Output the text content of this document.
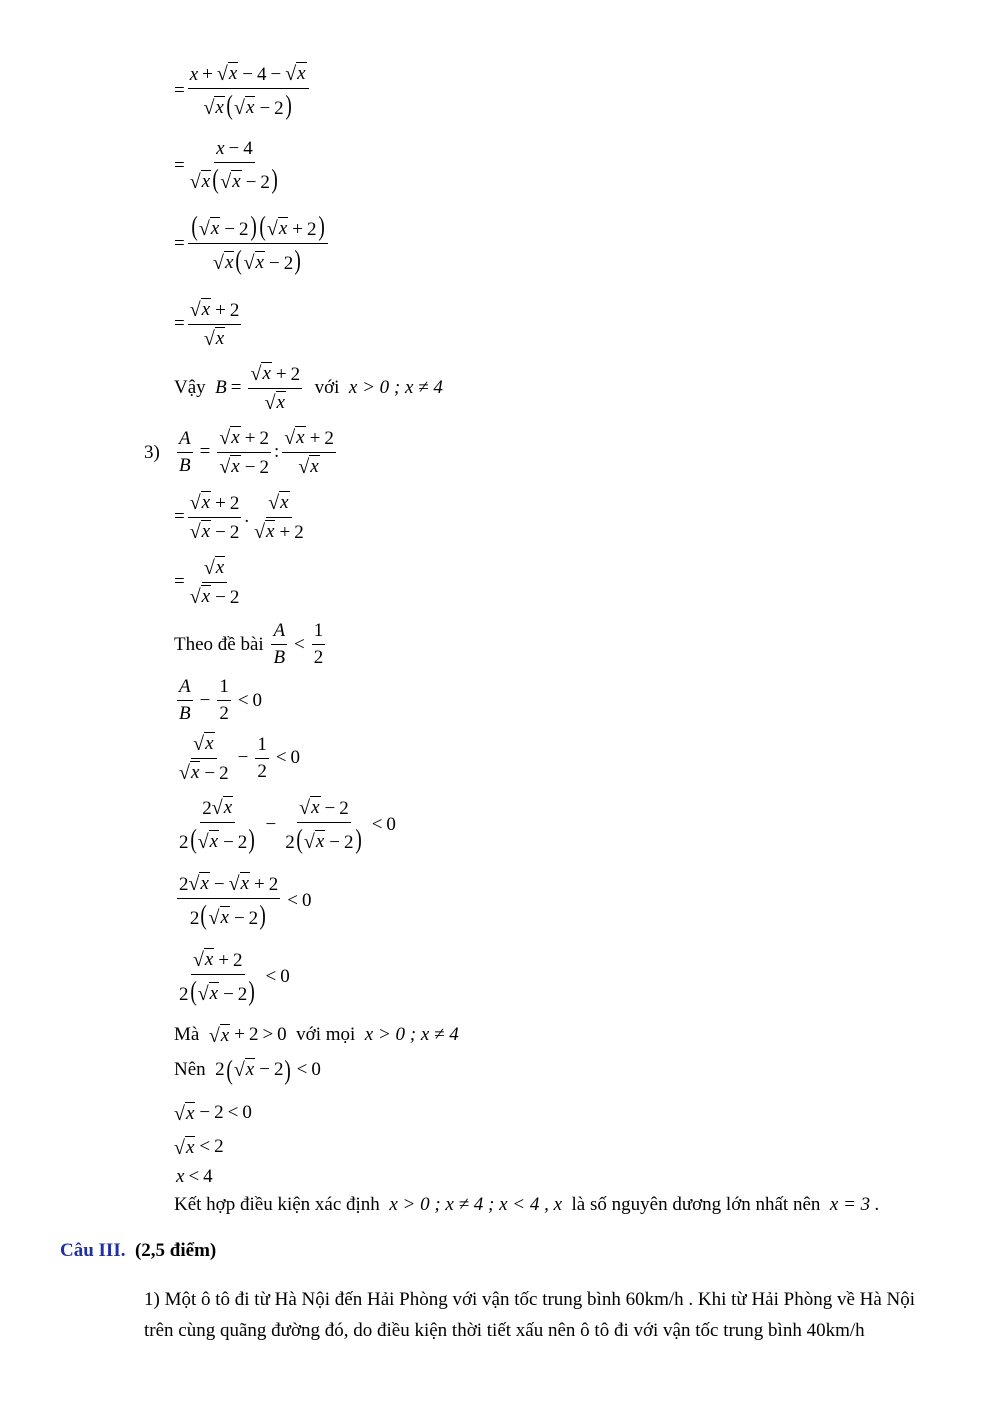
= $\frac{x + √ x - 4 - √ x}{√ x ( √ x - 2)}$
= $\frac{x - 4}{√ x ( √ x - 2)}$
= $\frac{( √ x - 2) ( √ x + 2)}{√ x ( √ x - 2)}$
= $\frac{√ x + 2}{√ x}$
Vậy
$B = \frac{√ x + 2}{√ x}$
với
x > 0 ; x ≠ 4
$3) \frac{A}{B} = \frac{√ x + 2}{√ x - 2}$ : $\frac{√ x + 2}{√ x}$
= $\frac{√ x + 2}{√ x - 2}$ . $\frac{√ x}{√ x + 2}$
= $\frac{√ x}{√ x - 2}$
Theo đề bài
$\frac{A}{B} < \frac{1}{2}$
$\frac{A}{B} - \frac{1}{2} < 0$
$\frac{√ x}{√ x - 2} - \frac{1}{2} < 0$
$\frac{2 √ x}{2( √ x - 2)} - \frac{√ x - 2}{2( √ x - 2)} < 0$
$\frac{2 √ x - √ x + 2}{2( √ x - 2)} < 0$
$\frac{√ x + 2}{2( √ x - 2)} < 0$
Mà
√ x + 2 > 0 với mọi
x > 0 ; x ≠ 4
Nên 2 ( √ x − 2 ) < 0
√ x − 2 < 0
√ x < 2
x < 4
Kết hợp điều kiện xác định
x > 0 ; x ≠ 4 ; x < 4 , x
là số nguyên dương lớn nhất nên
x = 3 .
Câu III.
(2,5 điểm)
1) Một ô tô đi từ Hà Nội đến Hải Phòng với vận tốc trung bình 60km/h . Khi từ Hải Phòng về Hà Nội trên cùng quãng đường đó, do điều kiện thời tiết xấu nên ô tô đi với vận tốc trung bình 40km/h
